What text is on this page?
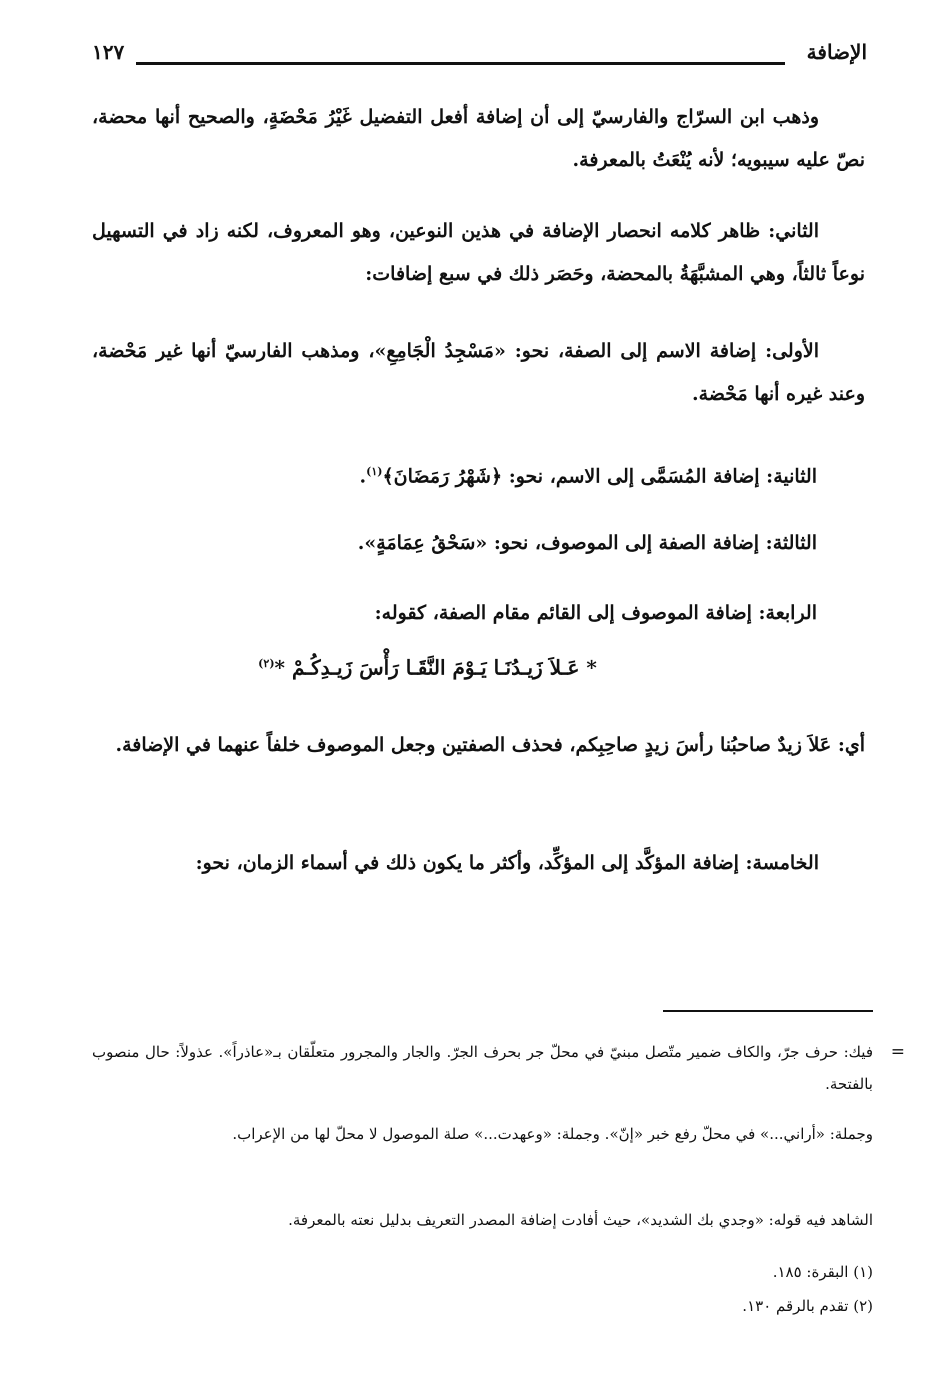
الإضافة
١٢٧
وذهب ابن السرّاج والفارسيّ إلى أن إضافة أفعل التفضيل غَيْرُ مَحْضَةٍ، والصحيح أنها محضة، نصّ عليه سيبويه؛ لأنه يُنْعَتُ بالمعرفة.
الثاني: ظاهر كلامه انحصار الإضافة في هذين النوعين، وهو المعروف، لكنه زاد في التسهيل نوعاً ثالثاً، وهي المشبَّهَةُ بالمحضة، وحَصَر ذلك في سبع إضافات:
الأولى: إضافة الاسم إلى الصفة، نحو: «مَسْجِدُ الْجَامِعِ»، ومذهب الفارسيّ أنها غير مَحْضة، وعند غيره أنها مَحْضة.
الثانية: إضافة المُسَمَّى إلى الاسم، نحو: ﴿شَهْرُ رَمَضَانَ﴾$^{(١)}$.
الثالثة: إضافة الصفة إلى الموصوف، نحو: «سَحْقُ عِمَامَةٍ».
الرابعة: إضافة الموصوف إلى القائم مقام الصفة، كقوله:
* عَـلاَ زَيـدُنَـا يَـوْمَ النَّقَـا رَأْسَ زَيـدِكُـمْ *$^{(٢)}$
أي: عَلاَ زيدٌ صاحبُنا رأسَ زيدٍ صاحِبِكم، فحذف الصفتين وجعل الموصوف خلفاً عنهما في الإضافة.
الخامسة: إضافة المؤكَّد إلى المؤكِّد، وأكثر ما يكون ذلك في أسماء الزمان، نحو:
=
فيك: حرف جرّ، والكاف ضمير متّصل مبنيّ في محلّ جر بحرف الجرّ. والجار والمجرور متعلّقان بـ«عاذراً». عذولاً: حال منصوب بالفتحة.
وجملة: «أراني...» في محلّ رفع خبر «إنّ». وجملة: «وعهدت...» صلة الموصول لا محلّ لها من الإعراب.
الشاهد فيه قوله: «وجدي بك الشديد»، حيث أفادت إضافة المصدر التعريف بدليل نعته بالمعرفة.
(١) البقرة: ١٨٥.
(٢) تقدم بالرقم ١٣٠.
